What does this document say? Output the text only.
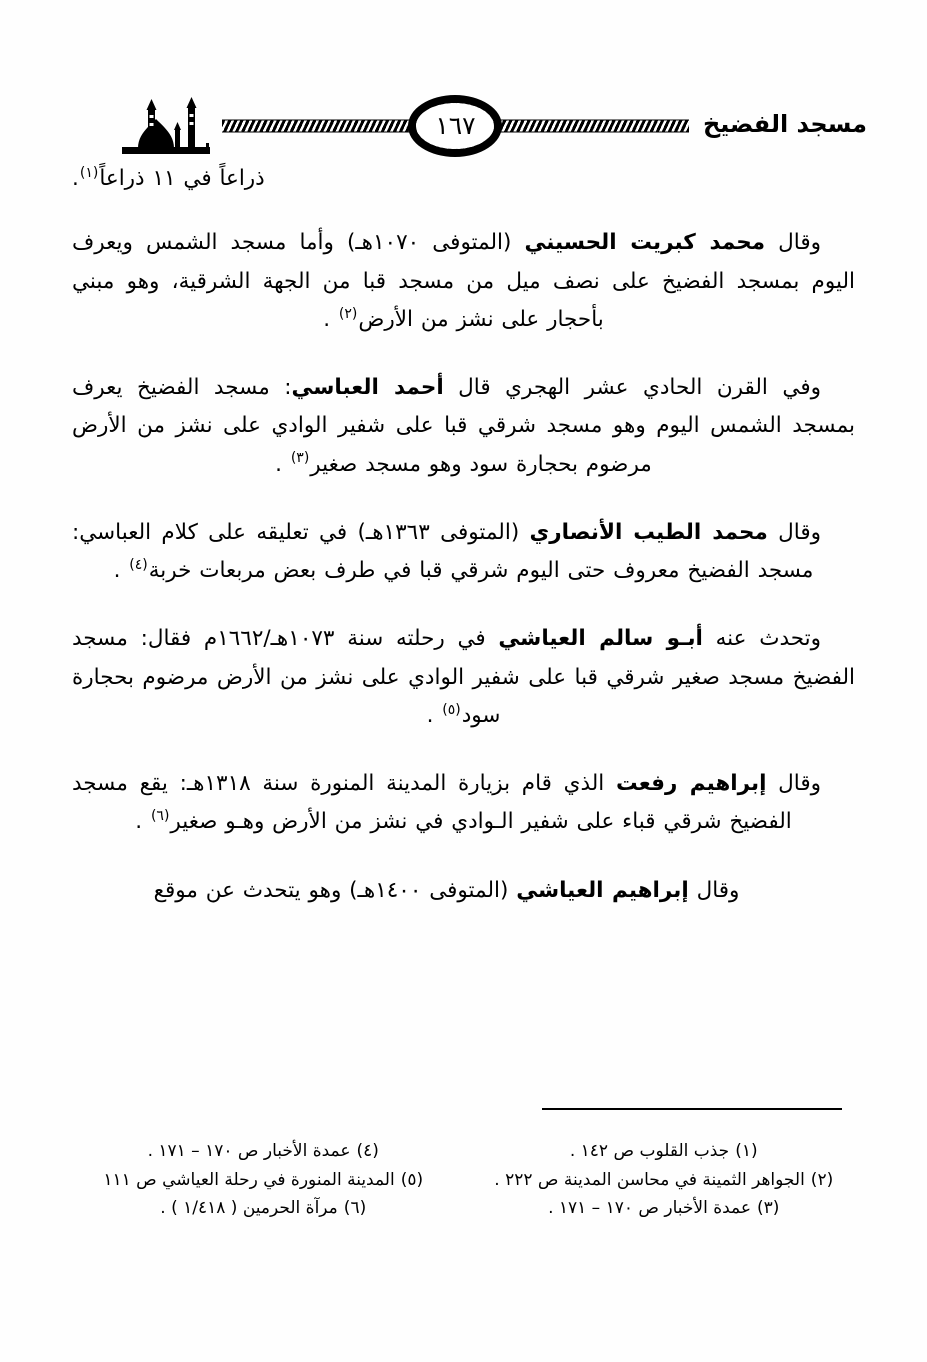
١٦٧	مسجد الفضيخ

ذراعاً في ١١ ذراعاً$^{(١)}$.

وقال محمد كبريت الحسيني (المتوفى ١٠٧٠هـ) وأما مسجد الشمس ويعرف اليوم بمسجد الفضيخ على نصف ميل من مسجد قبا من الجهة الشرقية، وهو مبني بأحجار على نشز من الأرض$^{(٢)}$ .

وفي القرن الحادي عشر الهجري قال أحمد العباسي: مسجد الفضيخ يعرف بمسجد الشمس اليوم وهو مسجد شرقي قبا على شفير الوادي على نشز من الأرض مرضوم بحجارة سود وهو مسجد صغير$^{(٣)}$ .

وقال محمد الطيب الأنصاري (المتوفى ١٣٦٣هـ) في تعليقه على كلام العباسي: مسجد الفضيخ معروف حتى اليوم شرقي قبا في طرف بعض مربعات خربة$^{(٤)}$ .

وتحدث عنه أبـو سالم العياشي في رحلته سنة ١٠٧٣هـ/١٦٦٢م فقال: مسجد الفضيخ مسجد صغير شرقي قبا على شفير الوادي على نشز من الأرض مرضوم بحجارة سود$^{(٥)}$ .

وقال إبراهيم رفعت الذي قام بزيارة المدينة المنورة سنة ١٣١٨هـ: يقع مسجد الفضيخ شرقي قباء على شفير الـوادي في نشز من الأرض وهـو صغير$^{(٦)}$ .

وقال إبراهيم العياشي (المتوفى ١٤٠٠هـ) وهو يتحدث عن موقع

(١)جذب القلوب ص ١٤٢ .
(٢)الجواهر الثمينة في محاسن المدينة ص ٢٢٢ .
(٣)عمدة الأخبار ص ١٧٠ – ١٧١ .
(٤)عمدة الأخبار ص ١٧٠ – ١٧١ .
(٥)المدينة المنورة في رحلة العياشي ص ١١١
(٦)مرآة الحرمين ( ١/٤١٨ ) .
